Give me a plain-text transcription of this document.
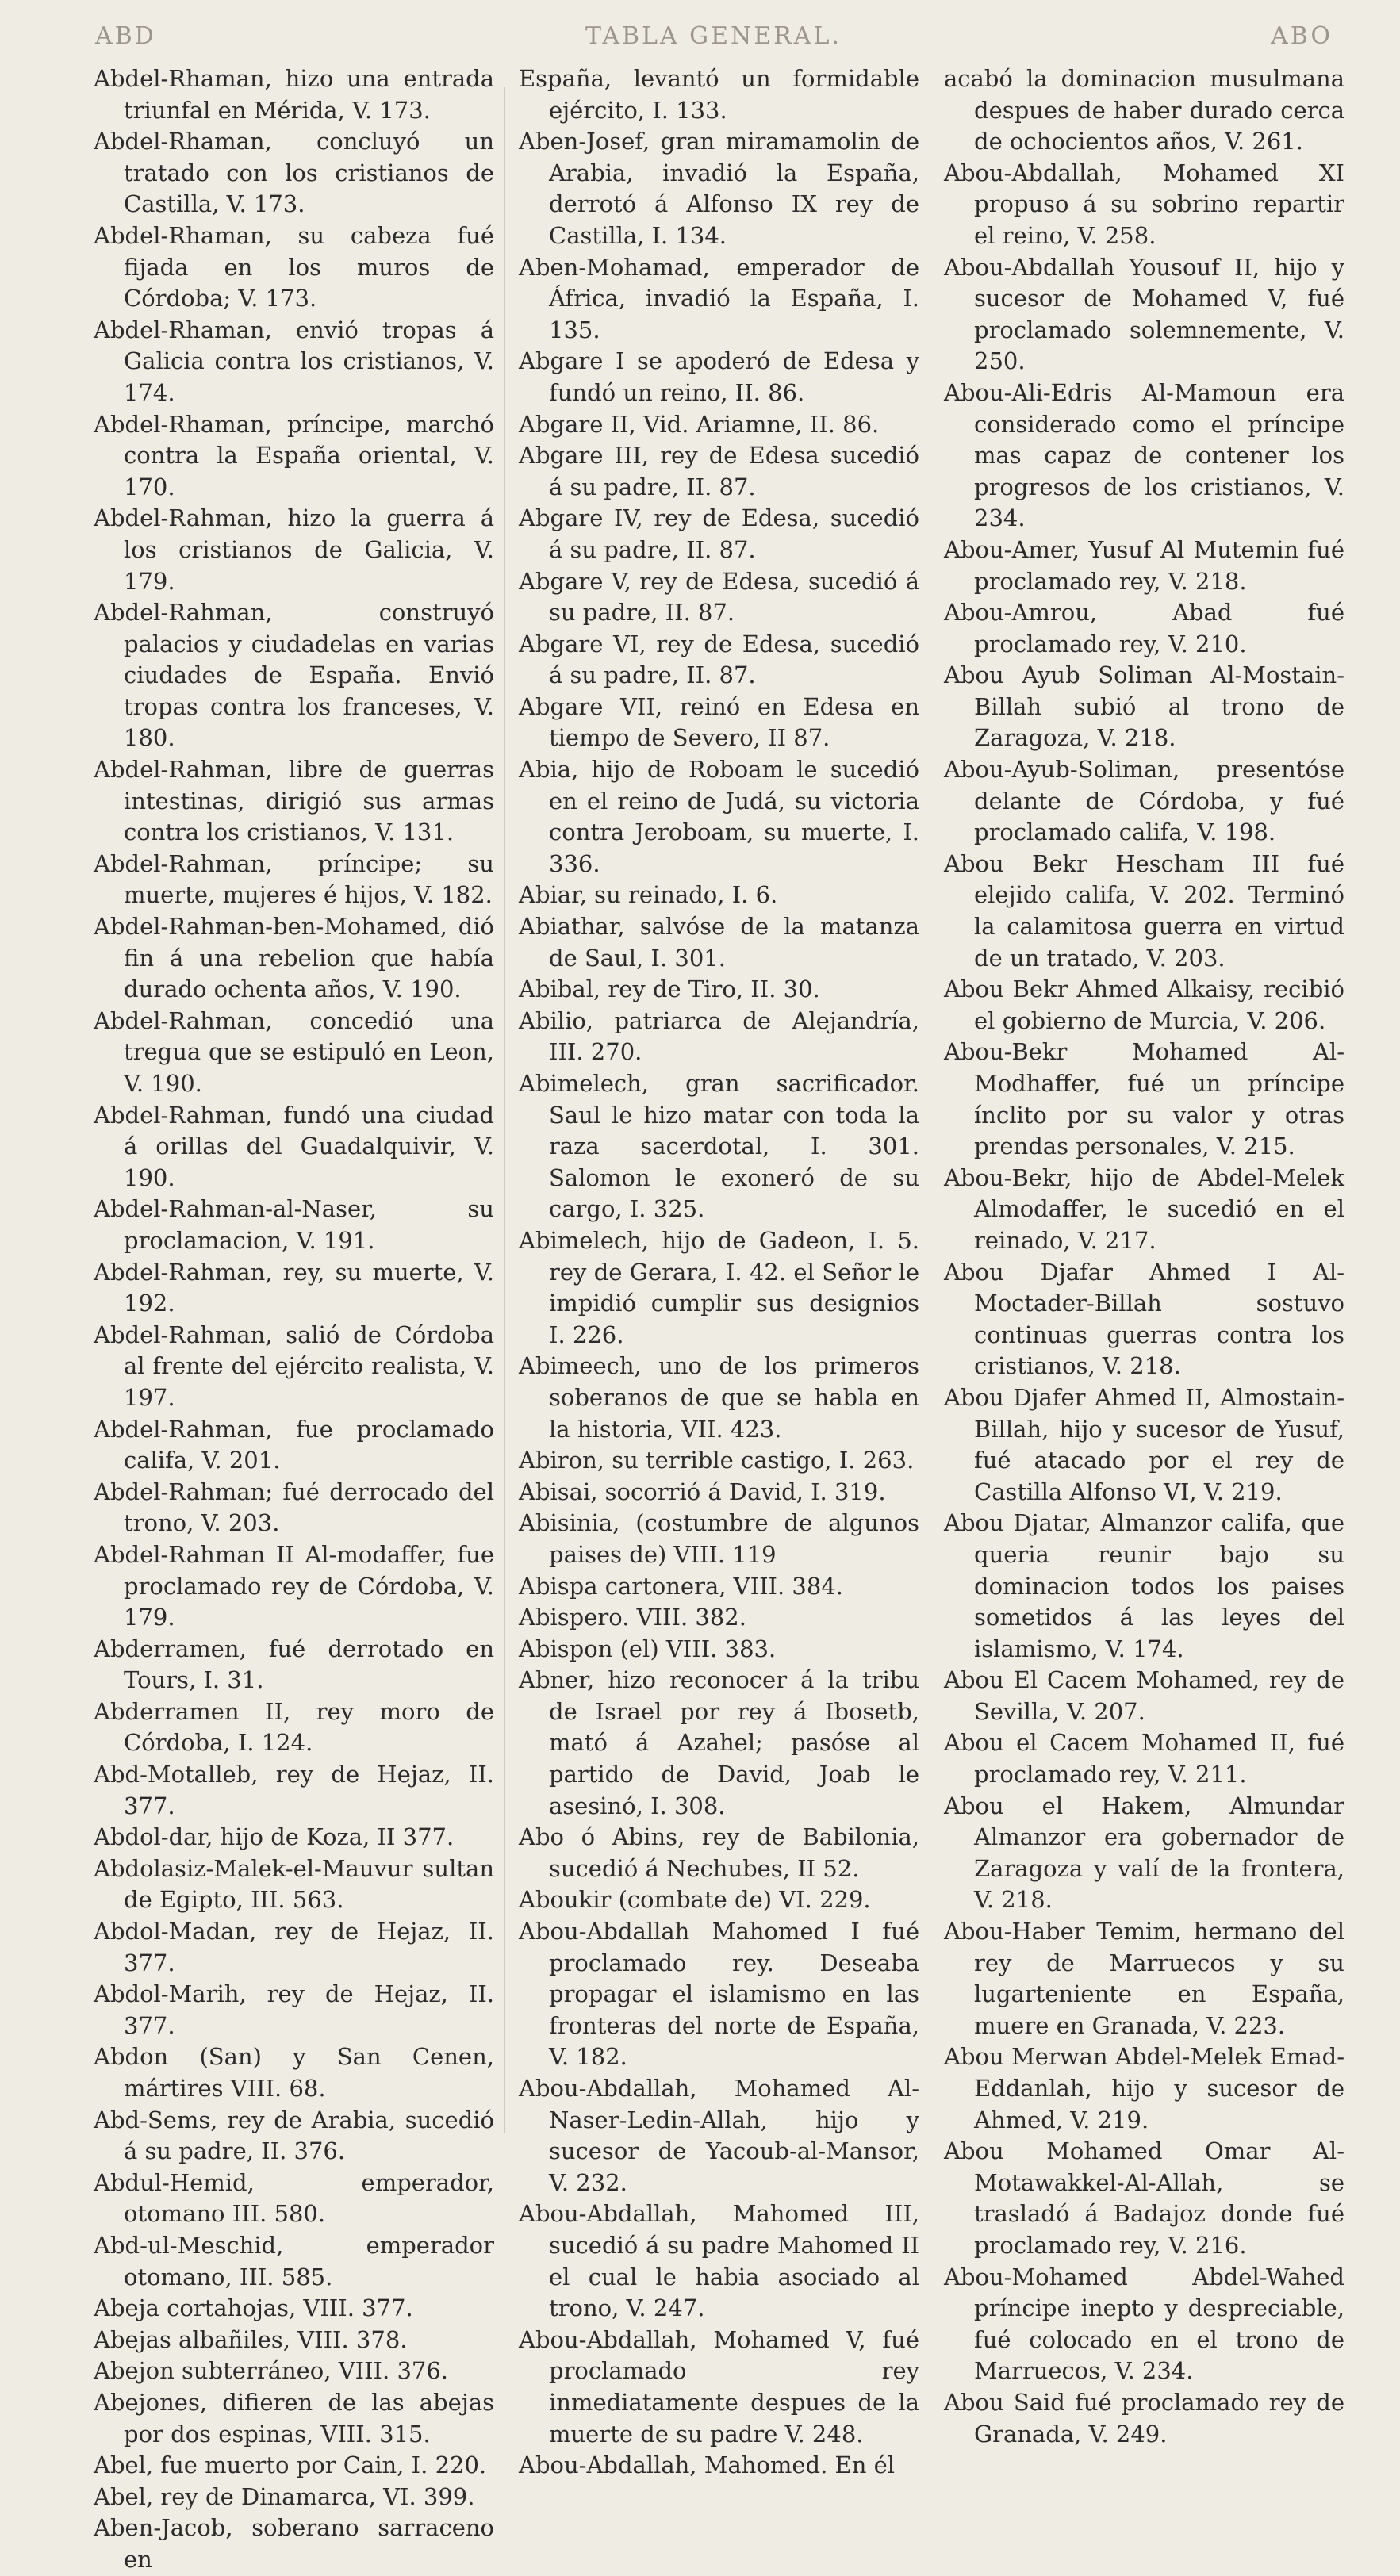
ABD	TABLA GENERAL.	ABO

Abdel-Rhaman, hizo una entrada triunfal en Mérida, V. 173.

Abdel-Rhaman, concluyó un tratado con los cristianos de Castilla, V. 173.

Abdel-Rhaman, su cabeza fué fijada en los muros de Córdoba; V. 173.

Abdel-Rhaman, envió tropas á Galicia contra los cristianos, V. 174.

Abdel-Rhaman, príncipe, marchó contra la España oriental, V. 170.

Abdel-Rahman, hizo la guerra á los cristianos de Galicia, V. 179.

Abdel-Rahman, construyó palacios y ciudadelas en varias ciudades de España. Envió tropas contra los franceses, V. 180.

Abdel-Rahman, libre de guerras intestinas, dirigió sus armas contra los cristianos, V. 131.

Abdel-Rahman, príncipe; su muerte, mujeres é hijos, V. 182.

Abdel-Rahman-ben-Mohamed, dió fin á una rebelion que había durado ochenta años, V. 190.

Abdel-Rahman, concedió una tregua que se estipuló en Leon, V. 190.

Abdel-Rahman, fundó una ciudad á orillas del Guadalquivir, V. 190.

Abdel-Rahman-al-Naser, su proclamacion, V. 191.

Abdel-Rahman, rey, su muerte, V. 192.

Abdel-Rahman, salió de Córdoba al frente del ejército realista, V. 197.

Abdel-Rahman, fue proclamado califa, V. 201.

Abdel-Rahman; fué derrocado del trono, V. 203.

Abdel-Rahman II Al-modaffer, fue proclamado rey de Córdoba, V. 179.

Abderramen, fué derrotado en Tours, I. 31.

Abderramen II, rey moro de Córdoba, I. 124.

Abd-Motalleb, rey de Hejaz, II. 377.

Abdol-dar, hijo de Koza, II 377.

Abdolasiz-Malek-el-Mauvur sultan de Egipto, III. 563.

Abdol-Madan, rey de Hejaz, II. 377.

Abdol-Marih, rey de Hejaz, II. 377.

Abdon (San) y San Cenen, mártires VIII. 68.

Abd-Sems, rey de Arabia, sucedió á su padre, II. 376.

Abdul-Hemid, emperador, otomano III. 580.

Abd-ul-Meschid, emperador otomano, III. 585.

Abeja cortahojas, VIII. 377.

Abejas albañiles, VIII. 378.

Abejon subterráneo, VIII. 376.

Abejones, difieren de las abejas por dos espinas, VIII. 315.

Abel, fue muerto por Cain, I. 220.

Abel, rey de Dinamarca, VI. 399.

Aben-Jacob, soberano sarraceno en

España, levantó un formidable ejército, I. 133.

Aben-Josef, gran miramamolin de Arabia, invadió la España, derrotó á Alfonso IX rey de Castilla, I. 134.

Aben-Mohamad, emperador de África, invadió la España, I. 135.

Abgare I se apoderó de Edesa y fundó un reino, II. 86.

Abgare II, Vid. Ariamne, II. 86.

Abgare III, rey de Edesa sucedió á su padre, II. 87.

Abgare IV, rey de Edesa, sucedió á su padre, II. 87.

Abgare V, rey de Edesa, sucedió á su padre, II. 87.

Abgare VI, rey de Edesa, sucedió á su padre, II. 87.

Abgare VII, reinó en Edesa en tiempo de Severo, II 87.

Abia, hijo de Roboam le sucedió en el reino de Judá, su victoria contra Jeroboam, su muerte, I. 336.

Abiar, su reinado, I. 6.

Abiathar, salvóse de la matanza de Saul, I. 301.

Abibal, rey de Tiro, II. 30.

Abilio, patriarca de Alejandría, III. 270.

Abimelech, gran sacrificador. Saul le hizo matar con toda la raza sacerdotal, I. 301. Salomon le exoneró de su cargo, I. 325.

Abimelech, hijo de Gadeon, I. 5. rey de Gerara, I. 42. el Señor le impidió cumplir sus designios I. 226.

Abimeech, uno de los primeros soberanos de que se habla en la historia, VII. 423.

Abiron, su terrible castigo, I. 263.

Abisai, socorrió á David, I. 319.

Abisinia, (costumbre de algunos paises de) VIII. 119

Abispa cartonera, VIII. 384.

Abispero. VIII. 382.

Abispon (el) VIII. 383.

Abner, hizo reconocer á la tribu de Israel por rey á Ibosetb, mató á Azahel; pasóse al partido de David, Joab le asesinó, I. 308.

Abo ó Abins, rey de Babilonia, sucedió á Nechubes, II 52.

Aboukir (combate de) VI. 229.

Abou-Abdallah Mahomed I fué proclamado rey. Deseaba propagar el islamismo en las fronteras del norte de España, V. 182.

Abou-Abdallah, Mohamed Al-Naser-Ledin-Allah, hijo y sucesor de Yacoub-al-Mansor, V. 232.

Abou-Abdallah, Mahomed III, sucedió á su padre Mahomed II el cual le habia asociado al trono, V. 247.

Abou-Abdallah, Mohamed V, fué proclamado rey inmediatamente despues de la muerte de su padre V. 248.

Abou-Abdallah, Mahomed. En él

acabó la dominacion musulmana despues de haber durado cerca de ochocientos años, V. 261.

Abou-Abdallah, Mohamed XI propuso á su sobrino repartir el reino, V. 258.

Abou-Abdallah Yousouf II, hijo y sucesor de Mohamed V, fué proclamado solemnemente, V. 250.

Abou-Ali-Edris Al-Mamoun era considerado como el príncipe mas capaz de contener los progresos de los cristianos, V. 234.

Abou-Amer, Yusuf Al Mutemin fué proclamado rey, V. 218.

Abou-Amrou, Abad fué proclamado rey, V. 210.

Abou Ayub Soliman Al-Mostain-Billah subió al trono de Zaragoza, V. 218.

Abou-Ayub-Soliman, presentóse delante de Córdoba, y fué proclamado califa, V. 198.

Abou Bekr Hescham III fué elejido califa, V. 202. Terminó la calamitosa guerra en virtud de un tratado, V. 203.

Abou Bekr Ahmed Alkaisy, recibió el gobierno de Murcia, V. 206.

Abou-Bekr Mohamed Al-Modhaffer, fué un príncipe ínclito por su valor y otras prendas personales, V. 215.

Abou-Bekr, hijo de Abdel-Melek Almodaffer, le sucedió en el reinado, V. 217.

Abou Djafar Ahmed I Al-Moctader-Billah sostuvo continuas guerras contra los cristianos, V. 218.

Abou Djafer Ahmed II, Almostain-Billah, hijo y sucesor de Yusuf, fué atacado por el rey de Castilla Alfonso VI, V. 219.

Abou Djatar, Almanzor califa, que queria reunir bajo su dominacion todos los paises sometidos á las leyes del islamismo, V. 174.

Abou El Cacem Mohamed, rey de Sevilla, V. 207.

Abou el Cacem Mohamed II, fué proclamado rey, V. 211.

Abou el Hakem, Almundar Almanzor era gobernador de Zaragoza y valí de la frontera, V. 218.

Abou-Haber Temim, hermano del rey de Marruecos y su lugarteniente en España, muere en Granada, V. 223.

Abou Merwan Abdel-Melek Emad-Eddanlah, hijo y sucesor de Ahmed, V. 219.

Abou Mohamed Omar Al-Motawakkel-Al-Allah, se trasladó á Badajoz donde fué proclamado rey, V. 216.

Abou-Mohamed Abdel-Wahed príncipe inepto y despreciable, fué colocado en el trono de Marruecos, V. 234.

Abou Said fué proclamado rey de Granada, V. 249.
